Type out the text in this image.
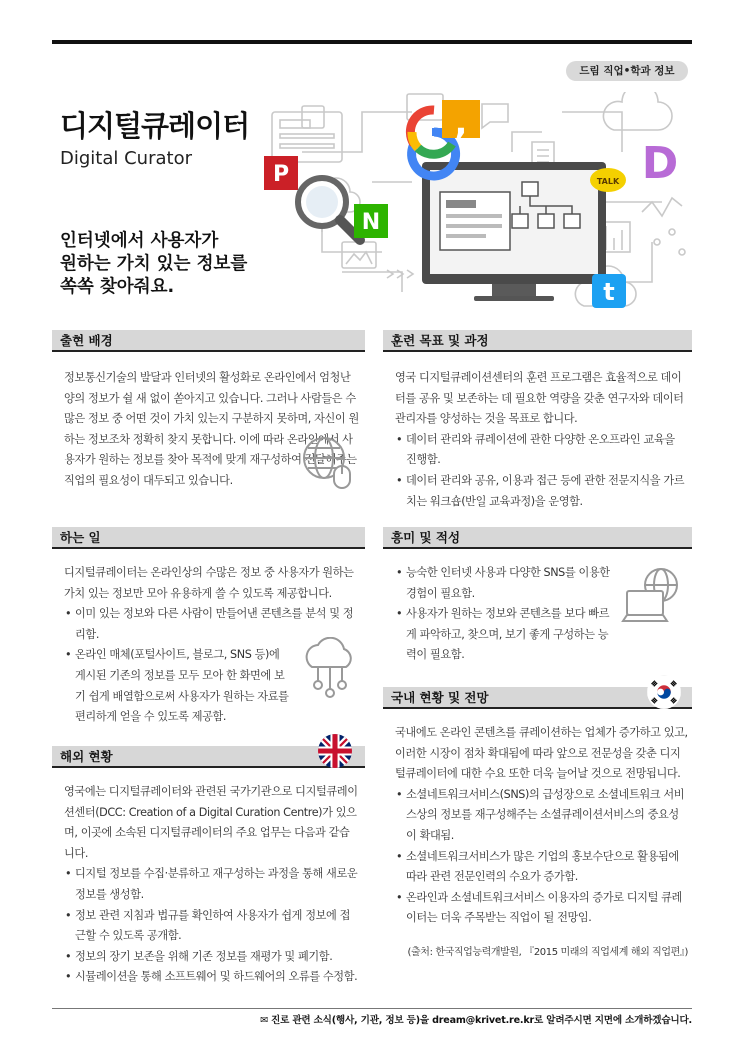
드림 직업•학과 정보
디지털큐레이터
Digital Curator
인터넷에서 사용자가
원하는 가치 있는 정보를
쏙쏙 찾아줘요.
P
,
N
D
TALK
t
출현 배경

정보통신기술의 발달과 인터넷의 활성화로 온라인에서 엄청난 양의 정보가 쉴 새 없이 쏟아지고 있습니다. 그러나 사람들은 수많은 정보 중 어떤 것이 가치 있는지 구분하지 못하며, 자신이 원하는 정보조차 정확히 찾지 못합니다. 이에 따라 온라인에서 사용자가 원하는 정보를 찾아 목적에 맞게 재구성하여 전달해주는 직업의 필요성이 대두되고 있습니다.

하는 일

디지털큐레이터는 온라인상의 수많은 정보 중 사용자가 원하는 가치 있는 정보만 모아 유용하게 쓸 수 있도록 제공합니다.

• 이미 있는 정보와 다른 사람이 만들어낸 콘텐츠를 분석 및 정리함.
• 온라인 매체(포털사이트, 블로그, SNS 등)에 게시된 기존의 정보를 모두 모아 한 화면에 보기 쉽게 배열함으로써 사용자가 원하는 자료를 편리하게 얻을 수 있도록 제공함.
해외 현황

영국에는 디지털큐레이터와 관련된 국가기관으로 디지털큐레이션센터(DCC: Creation of a Digital Curation Centre)가 있으며, 이곳에 소속된 디지털큐레이터의 주요 업무는 다음과 같습니다.

• 디지털 정보를 수집·분류하고 재구성하는 과정을 통해 새로운 정보를 생성함.
• 정보 관련 지침과 법규를 확인하여 사용자가 쉽게 정보에 접근할 수 있도록 공개함.
• 정보의 장기 보존을 위해 기존 정보를 재평가 및 폐기함.
• 시뮬레이션을 통해 소프트웨어 및 하드웨어의 오류를 수정함.
훈련 목표 및 과정

영국 디지털큐레이션센터의 훈련 프로그램은 효율적으로 데이터를 공유 및 보존하는 데 필요한 역량을 갖춘 연구자와 데이터 관리자를 양성하는 것을 목표로 합니다.

• 데이터 관리와 큐레이션에 관한 다양한 온오프라인 교육을 진행함.
• 데이터 관리와 공유, 이용과 접근 등에 관한 전문지식을 가르치는 워크숍(반일 교육과정)을 운영함.
흥미 및 적성
• 능숙한 인터넷 사용과 다양한 SNS를 이용한 경험이 필요함.
• 사용자가 원하는 정보와 콘텐츠를 보다 빠르게 파악하고, 찾으며, 보기 좋게 구성하는 능력이 필요함.
국내 현황 및 전망

국내에도 온라인 콘텐츠를 큐레이션하는 업체가 증가하고 있고, 이러한 시장이 점차 확대됨에 따라 앞으로 전문성을 갖춘 디지털큐레이터에 대한 수요 또한 더욱 늘어날 것으로 전망됩니다.

• 소셜네트워크서비스(SNS)의 급성장으로 소셜네트워크 서비스상의 정보를 재구성해주는 소셜큐레이션서비스의 중요성이 확대됨.
• 소셜네트워크서비스가 많은 기업의 홍보수단으로 활용됨에 따라 관련 전문인력의 수요가 증가함.
• 온라인과 소셜네트워크서비스 이용자의 증가로 디지털 큐레이터는 더욱 주목받는 직업이 될 전망임.
(출처: 한국직업능력개발원, 『2015 미래의 직업세계 해외 직업편』)
✉ 진로 관련 소식(행사, 기관, 정보 등)을 dream@krivet.re.kr로 알려주시면 지면에 소개하겠습니다.
